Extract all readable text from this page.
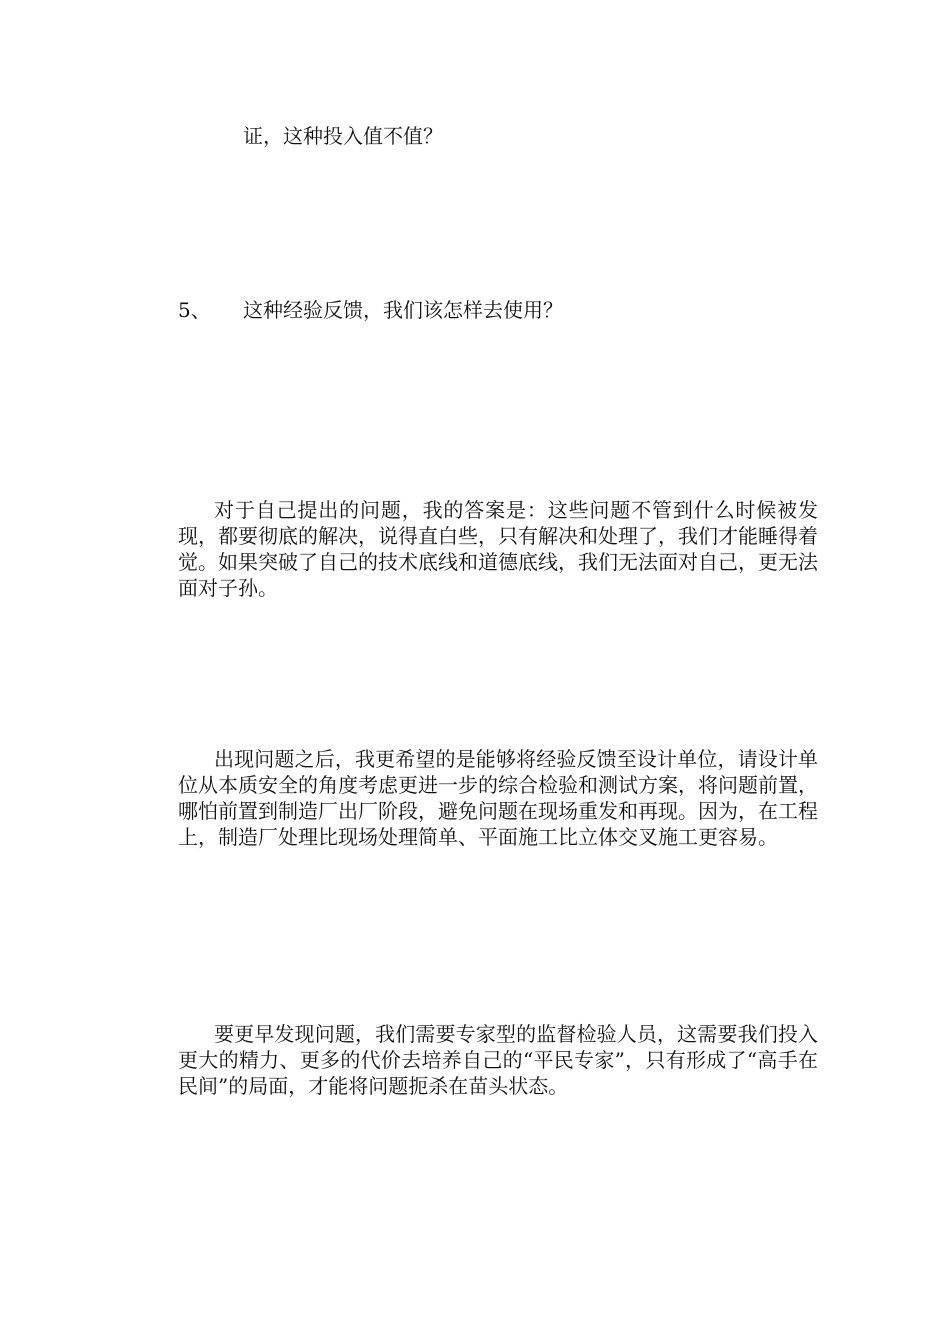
证，这种投入值不值？
5、 这种经验反馈，我们该怎样去使用？

对于自己提出的问题，我的答案是：这些问题不管到什么时候被发现，都要彻底的解决，说得直白些，只有解决和处理了，我们才能睡得着觉。如果突破了自己的技术底线和道德底线，我们无法面对自己，更无法面对子孙。

出现问题之后，我更希望的是能够将经验反馈至设计单位，请设计单位从本质安全的角度考虑更进一步的综合检验和测试方案，将问题前置，哪怕前置到制造厂出厂阶段，避免问题在现场重发和再现。因为，在工程上，制造厂处理比现场处理简单、平面施工比立体交叉施工更容易。

要更早发现问题，我们需要专家型的监督检验人员，这需要我们投入更大的精力、更多的代价去培养自己的“平民专家”，只有形成了“高手在民间”的局面，才能将问题扼杀在苗头状态。
